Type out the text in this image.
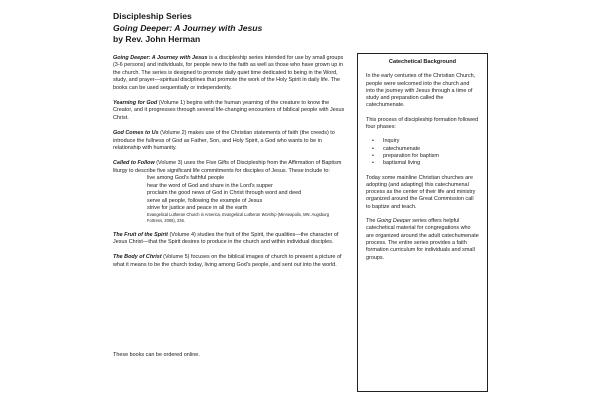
Discipleship Series
Going Deeper: A Journey with Jesus
by Rev. John Herman

Going Deeper: A Journey with Jesus is a discipleship series intended for use by small groups (3-6 persons) and individuals, for people new to the faith as well as those who have grown up in the church. The series is designed to promote daily quiet time dedicated to being in the Word, study, and prayer—spiritual disciplines that promote the work of the Holy Spirit in daily life. The books can be used sequentially or independently.

Yearning for God (Volume 1) begins with the human yearning of the creature to know the Creator, and it progresses through several life-changing encounters of biblical people with Jesus Christ.

God Comes to Us (Volume 2) makes use of the Christian statements of faith (the creeds) to introduce the fullness of God as Father, Son, and Holy Spirit, a God who wants to be in relationship with humanity.

Called to Follow (Volume 3) uses the Five Gifts of Discipleship from the Affirmation of Baptism liturgy to describe five significant life commitments for disciples of Jesus. These include to:

live among God's faithful people
hear the word of God and share in the Lord's supper
proclaim the good news of God in Christ through word and deed
serve all people, following the example of Jesus
strive for justice and peace in all the earth
Evangelical Lutheran Church in America, Evangelical Lutheran Worship (Minneapolis, MN: Augsburg Fortress, 2006), 236.

The Fruit of the Spirit (Volume 4) studies the fruit of the Spirit, the qualities—the character of Jesus Christ—that the Spirit desires to produce in the church and within individual disciples.

The Body of Christ (Volume 5) focuses on the biblical images of church to present a picture of what it means to be the church today, living among God's people, and sent out into the world.

These books can be ordered online.
Catechetical Background

In the early centuries of the Christian Church, people were welcomed into the church and into the journey with Jesus through a time of study and preparation called the catechumenate.

This process of discipleship formation followed four phases:

• Inquiry
• catechumenate
• preparation for baptism
• baptismal living

Today some mainline Christian churches are adopting (and adapting) this catechumenal process as the center of their life and ministry organized around the Great Commission call to baptize and teach.

The Going Deeper series offers helpful catechetical material for congregations who are organized around the adult catechumenate process. The entire series provides a faith formation curriculum for individuals and small groups.
